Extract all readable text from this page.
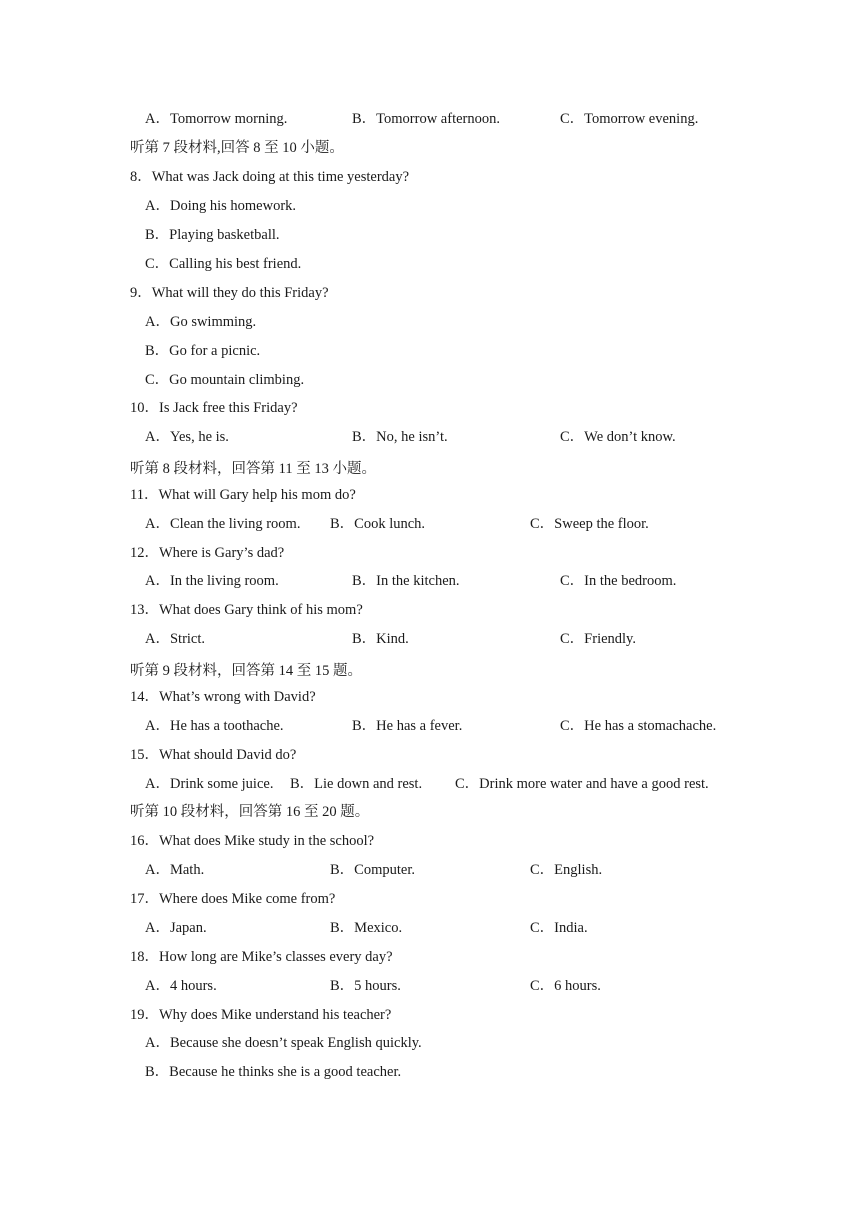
A．Tomorrow morning.	B．Tomorrow afternoon.	C．Tomorrow evening.
听第 7 段材料,回答 8 至 10 小题。
8．What was Jack doing at this time yesterday?
A．Doing his homework.
B．Playing basketball.
C．Calling his best friend.
9．What will they do this Friday?
A．Go swimming.
B．Go for a picnic.
C．Go mountain climbing.
10．Is Jack free this Friday?
A．Yes, he is.	B．No, he isn’t.	C．We don’t know.
听第 8 段材料，回答第 11 至 13 小题。
11．What will Gary help his mom do?
A．Clean the living room. B．Cook lunch.	C．Sweep the floor.
12．Where is Gary’s dad?
A．In the living room.	B．In the kitchen.	C．In the bedroom.
13．What does Gary think of his mom?
A．Strict.	B．Kind.	C．Friendly.
听第 9 段材料，回答第 14 至 15 题。
14．What’s wrong with David?
A．He has a toothache.	B．He has a fever.	C．He has a stomachache.
15．What should David do?
A．Drink some juice. B．Lie down and rest. C．Drink more water and have a good rest.
听第 10 段材料，回答第 16 至 20 题。
16．What does Mike study in the school?
A．Math.	B．Computer.	C．English.
17．Where does Mike come from?
A．Japan.	B．Mexico.	C．India.
18．How long are Mike’s classes every day?
A．4 hours.	B．5 hours.	C．6 hours.
19．Why does Mike understand his teacher?
A．Because she doesn’t speak English quickly.
B．Because he thinks she is a good teacher.
